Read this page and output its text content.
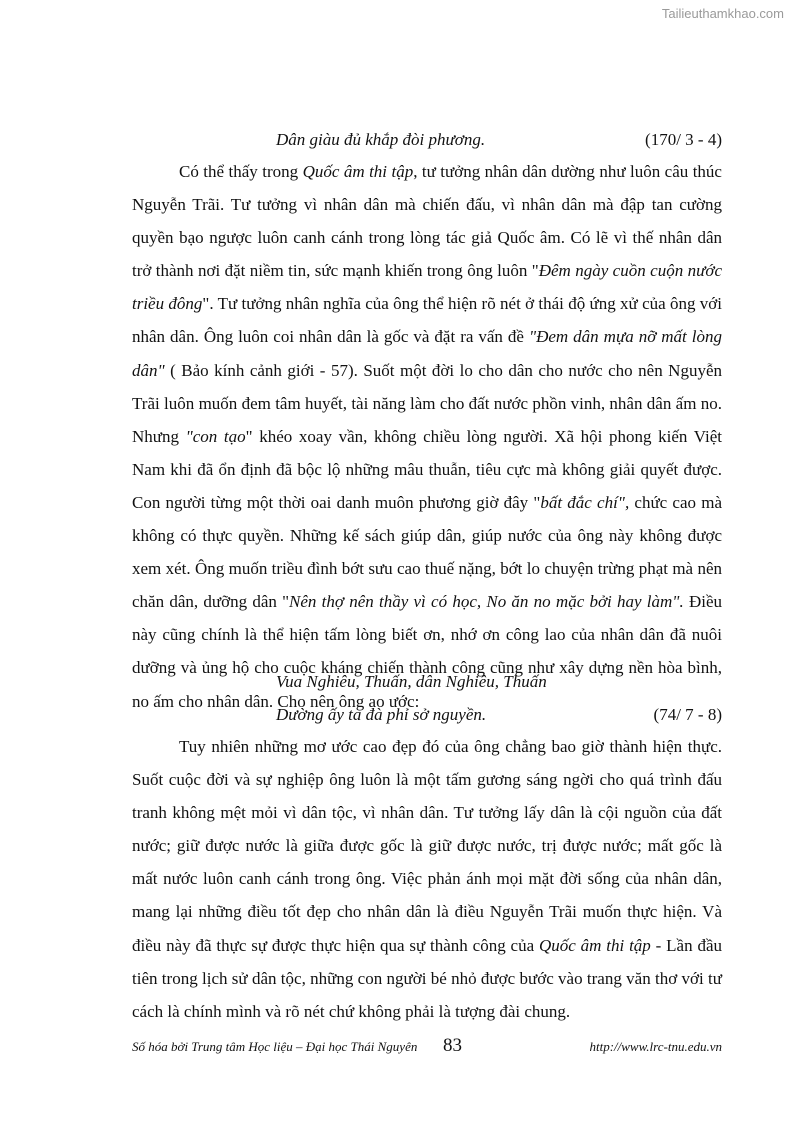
Tailieuthamkhao.com
Dân giàu đủ khắp đòi phương.	(170/ 3 - 4)

Có thể thấy trong Quốc âm thi tập, tư tưởng nhân dân dường như luôn câu thúc Nguyễn Trãi. Tư tưởng vì nhân dân mà chiến đấu, vì nhân dân mà đập tan cường quyền bạo ngược luôn canh cánh trong lòng tác giả Quốc âm. Có lẽ vì thế nhân dân trở thành nơi đặt niềm tin, sức mạnh khiến trong ông luôn "Đêm ngày cuồn cuộn nước triều đông". Tư tưởng nhân nghĩa của ông thể hiện rõ nét ở thái độ ứng xử của ông với nhân dân. Ông luôn coi nhân dân là gốc và đặt ra vấn đề "Đem dân mựa nỡ mất lòng dân" ( Bảo kính cảnh giới - 57). Suốt một đời lo cho dân cho nước cho nên Nguyễn Trãi luôn muốn đem tâm huyết, tài năng làm cho đất nước phồn vinh, nhân dân ấm no. Nhưng "con tạo" khéo xoay vần, không chiều lòng người. Xã hội phong kiến Việt Nam khi đã ổn định đã bộc lộ những mâu thuẫn, tiêu cực mà không giải quyết được. Con người từng một thời oai danh muôn phương giờ đây "bất đắc chí", chức cao mà không có thực quyền. Những kế sách giúp dân, giúp nước của ông này không được xem xét. Ông muốn triều đình bớt sưu cao thuế nặng, bớt lo chuyện trừng phạt mà nên chăn dân, dưỡng dân "Nên thợ nên thầy vì có học, No ăn no mặc bởi hay làm". Điều này cũng chính là thể hiện tấm lòng biết ơn, nhớ ơn công lao của nhân dân đã nuôi dưỡng và ủng hộ cho cuộc kháng chiến thành công cũng như xây dựng nền hòa bình, no ấm cho nhân dân. Cho nên ông ao ước:

Vua Nghiêu, Thuấn, dân Nghiêu, Thuấn
Dường ấy ta đà phỉ sở nguyền.	(74/ 7 - 8)

Tuy nhiên những mơ ước cao đẹp đó của ông chẳng bao giờ thành hiện thực. Suốt cuộc đời và sự nghiệp ông luôn là một tấm gương sáng ngời cho quá trình đấu tranh không mệt mỏi vì dân tộc, vì nhân dân. Tư tưởng lấy dân là cội nguồn của đất nước; giữ được nước là giữa được gốc là giữ được nước, trị được nước; mất gốc là mất nước luôn canh cánh trong ông. Việc phản ánh mọi mặt đời sống của nhân dân, mang lại những điều tốt đẹp cho nhân dân là điều Nguyễn Trãi muốn thực hiện. Và điều này đã thực sự được thực hiện qua sự thành công của Quốc âm thi tập - Lần đầu tiên trong lịch sử dân tộc, những con người bé nhỏ được bước vào trang văn thơ với tư cách là chính mình và rõ nét chứ không phải là tượng đài chung.

Số hóa bởi Trung tâm Học liệu – Đại học Thái Nguyên 83	http://www.lrc-tnu.edu.vn
